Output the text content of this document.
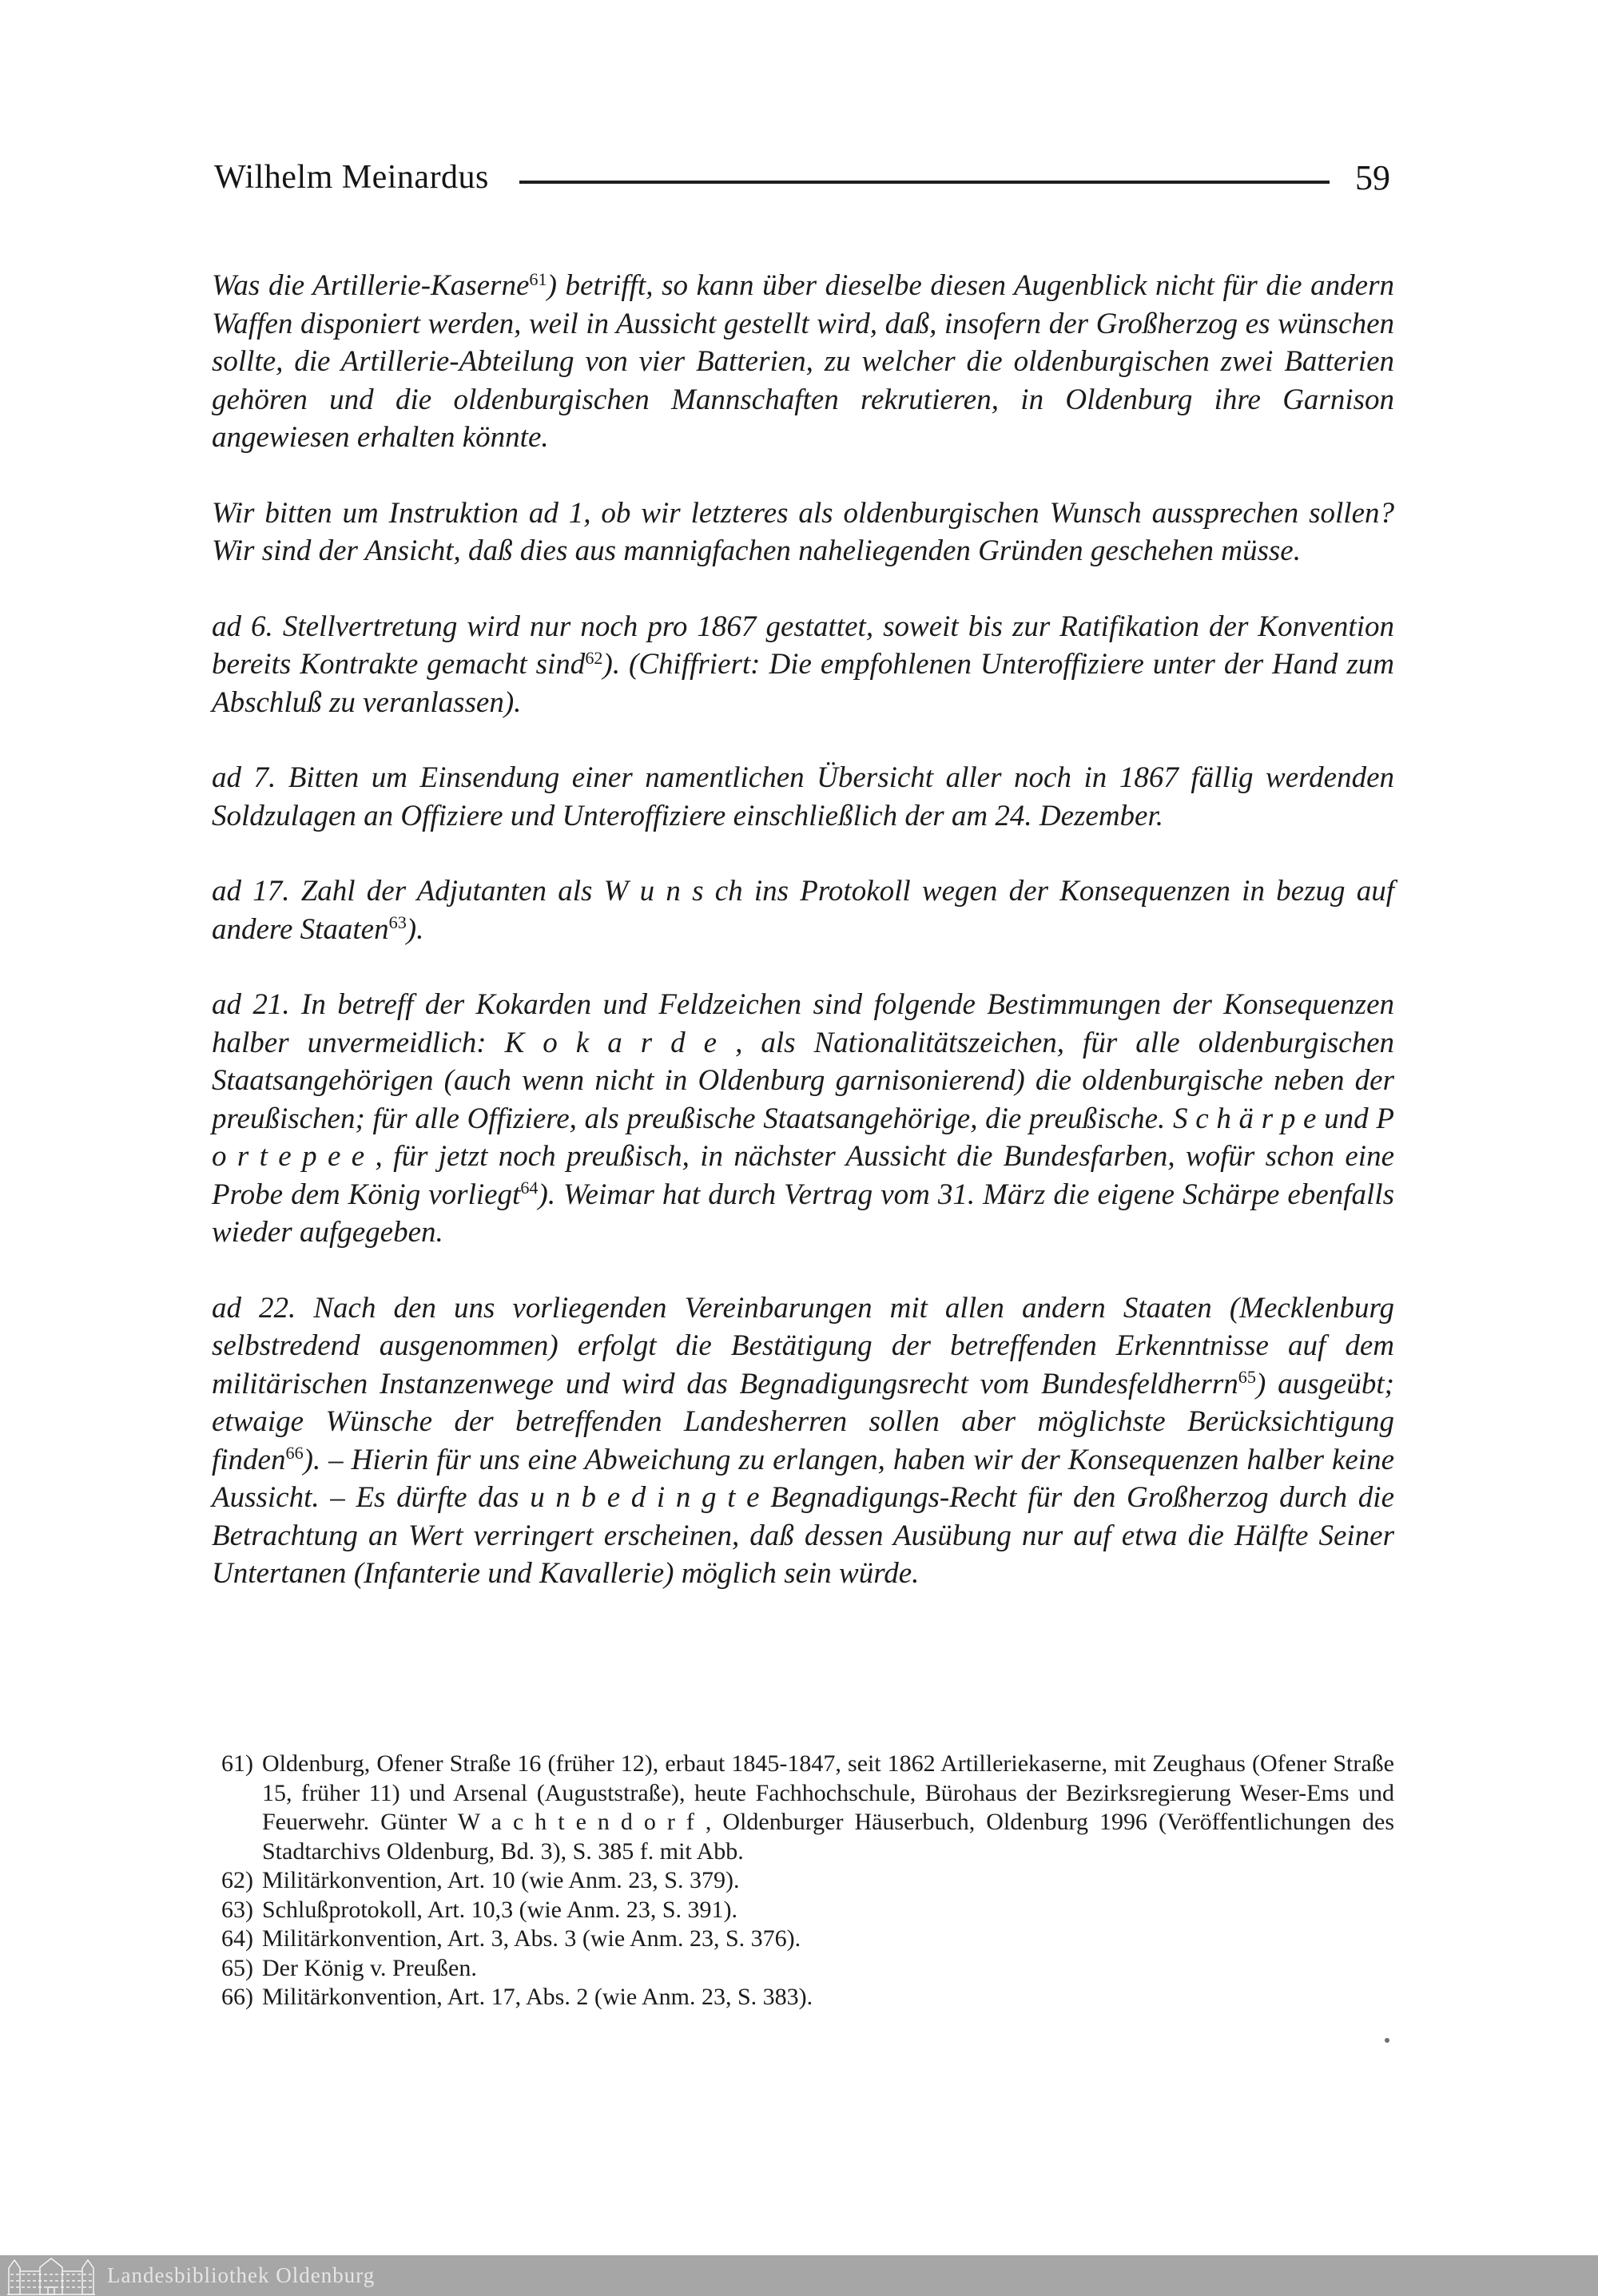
Wilhelm Meinardus	59

Was die Artillerie-Kaserne$^{61}$) betrifft, so kann über dieselbe diesen Augenblick nicht für die andern Waffen disponiert werden, weil in Aussicht gestellt wird, daß, insofern der Großherzog es wünschen sollte, die Artillerie-Abteilung von vier Batterien, zu welcher die oldenburgischen zwei Batterien gehören und die oldenburgischen Mannschaften rekrutieren, in Oldenburg ihre Garnison angewiesen erhalten könnte.

Wir bitten um Instruktion ad 1, ob wir letzteres als oldenburgischen Wunsch aussprechen sollen? Wir sind der Ansicht, daß dies aus mannigfachen naheliegenden Gründen geschehen müsse.

ad 6. Stellvertretung wird nur noch pro 1867 gestattet, soweit bis zur Ratifikation der Konvention bereits Kontrakte gemacht sind$^{62}$). (Chiffriert: Die empfohlenen Unteroffiziere unter der Hand zum Abschluß zu veranlassen).

ad 7. Bitten um Einsendung einer namentlichen Übersicht aller noch in 1867 fällig werdenden Soldzulagen an Offiziere und Unteroffiziere einschließlich der am 24. Dezember.

ad 17. Zahl der Adjutanten als W u n s ch ins Protokoll wegen der Konsequenzen in bezug auf andere Staaten$^{63}$).

ad 21. In betreff der Kokarden und Feldzeichen sind folgende Bestimmungen der Konsequenzen halber unvermeidlich: K o k a r d e , als Nationalitätszeichen, für alle oldenburgischen Staatsangehörigen (auch wenn nicht in Oldenburg garnisonierend) die oldenburgische neben der preußischen; für alle Offiziere, als preußische Staatsangehörige, die preußische. S c h ä r p e und P o r t e p e e , für jetzt noch preußisch, in nächster Aussicht die Bundesfarben, wofür schon eine Probe dem König vorliegt$^{64}$). Weimar hat durch Vertrag vom 31. März die eigene Schärpe ebenfalls wieder aufgegeben.

ad 22. Nach den uns vorliegenden Vereinbarungen mit allen andern Staaten (Mecklenburg selbstredend ausgenommen) erfolgt die Bestätigung der betreffenden Erkenntnisse auf dem militärischen Instanzenwege und wird das Begnadigungsrecht vom Bundesfeldherrn$^{65}$) ausgeübt; etwaige Wünsche der betreffenden Landesherren sollen aber möglichste Berücksichtigung finden$^{66}$). – Hierin für uns eine Abweichung zu erlangen, haben wir der Konsequenzen halber keine Aussicht. – Es dürfte das u n b e d i n g t e Begnadigungs-Recht für den Großherzog durch die Betrachtung an Wert verringert erscheinen, daß dessen Ausübung nur auf etwa die Hälfte Seiner Untertanen (Infanterie und Kavallerie) möglich sein würde.

61) Oldenburg, Ofener Straße 16 (früher 12), erbaut 1845-1847, seit 1862 Artilleriekaserne, mit Zeughaus (Ofener Straße 15, früher 11) und Arsenal (Auguststraße), heute Fachhochschule, Bürohaus der Bezirksregierung Weser-Ems und Feuerwehr. Günter W a c h t e n d o r f , Oldenburger Häuserbuch, Oldenburg 1996 (Veröffentlichungen des Stadtarchivs Oldenburg, Bd. 3), S. 385 f. mit Abb.
62) Militärkonvention, Art. 10 (wie Anm. 23, S. 379).
63) Schlußprotokoll, Art. 10,3 (wie Anm. 23, S. 391).
64) Militärkonvention, Art. 3, Abs. 3 (wie Anm. 23, S. 376).
65) Der König v. Preußen.
66) Militärkonvention, Art. 17, Abs. 2 (wie Anm. 23, S. 383).
Landesbibliothek Oldenburg
